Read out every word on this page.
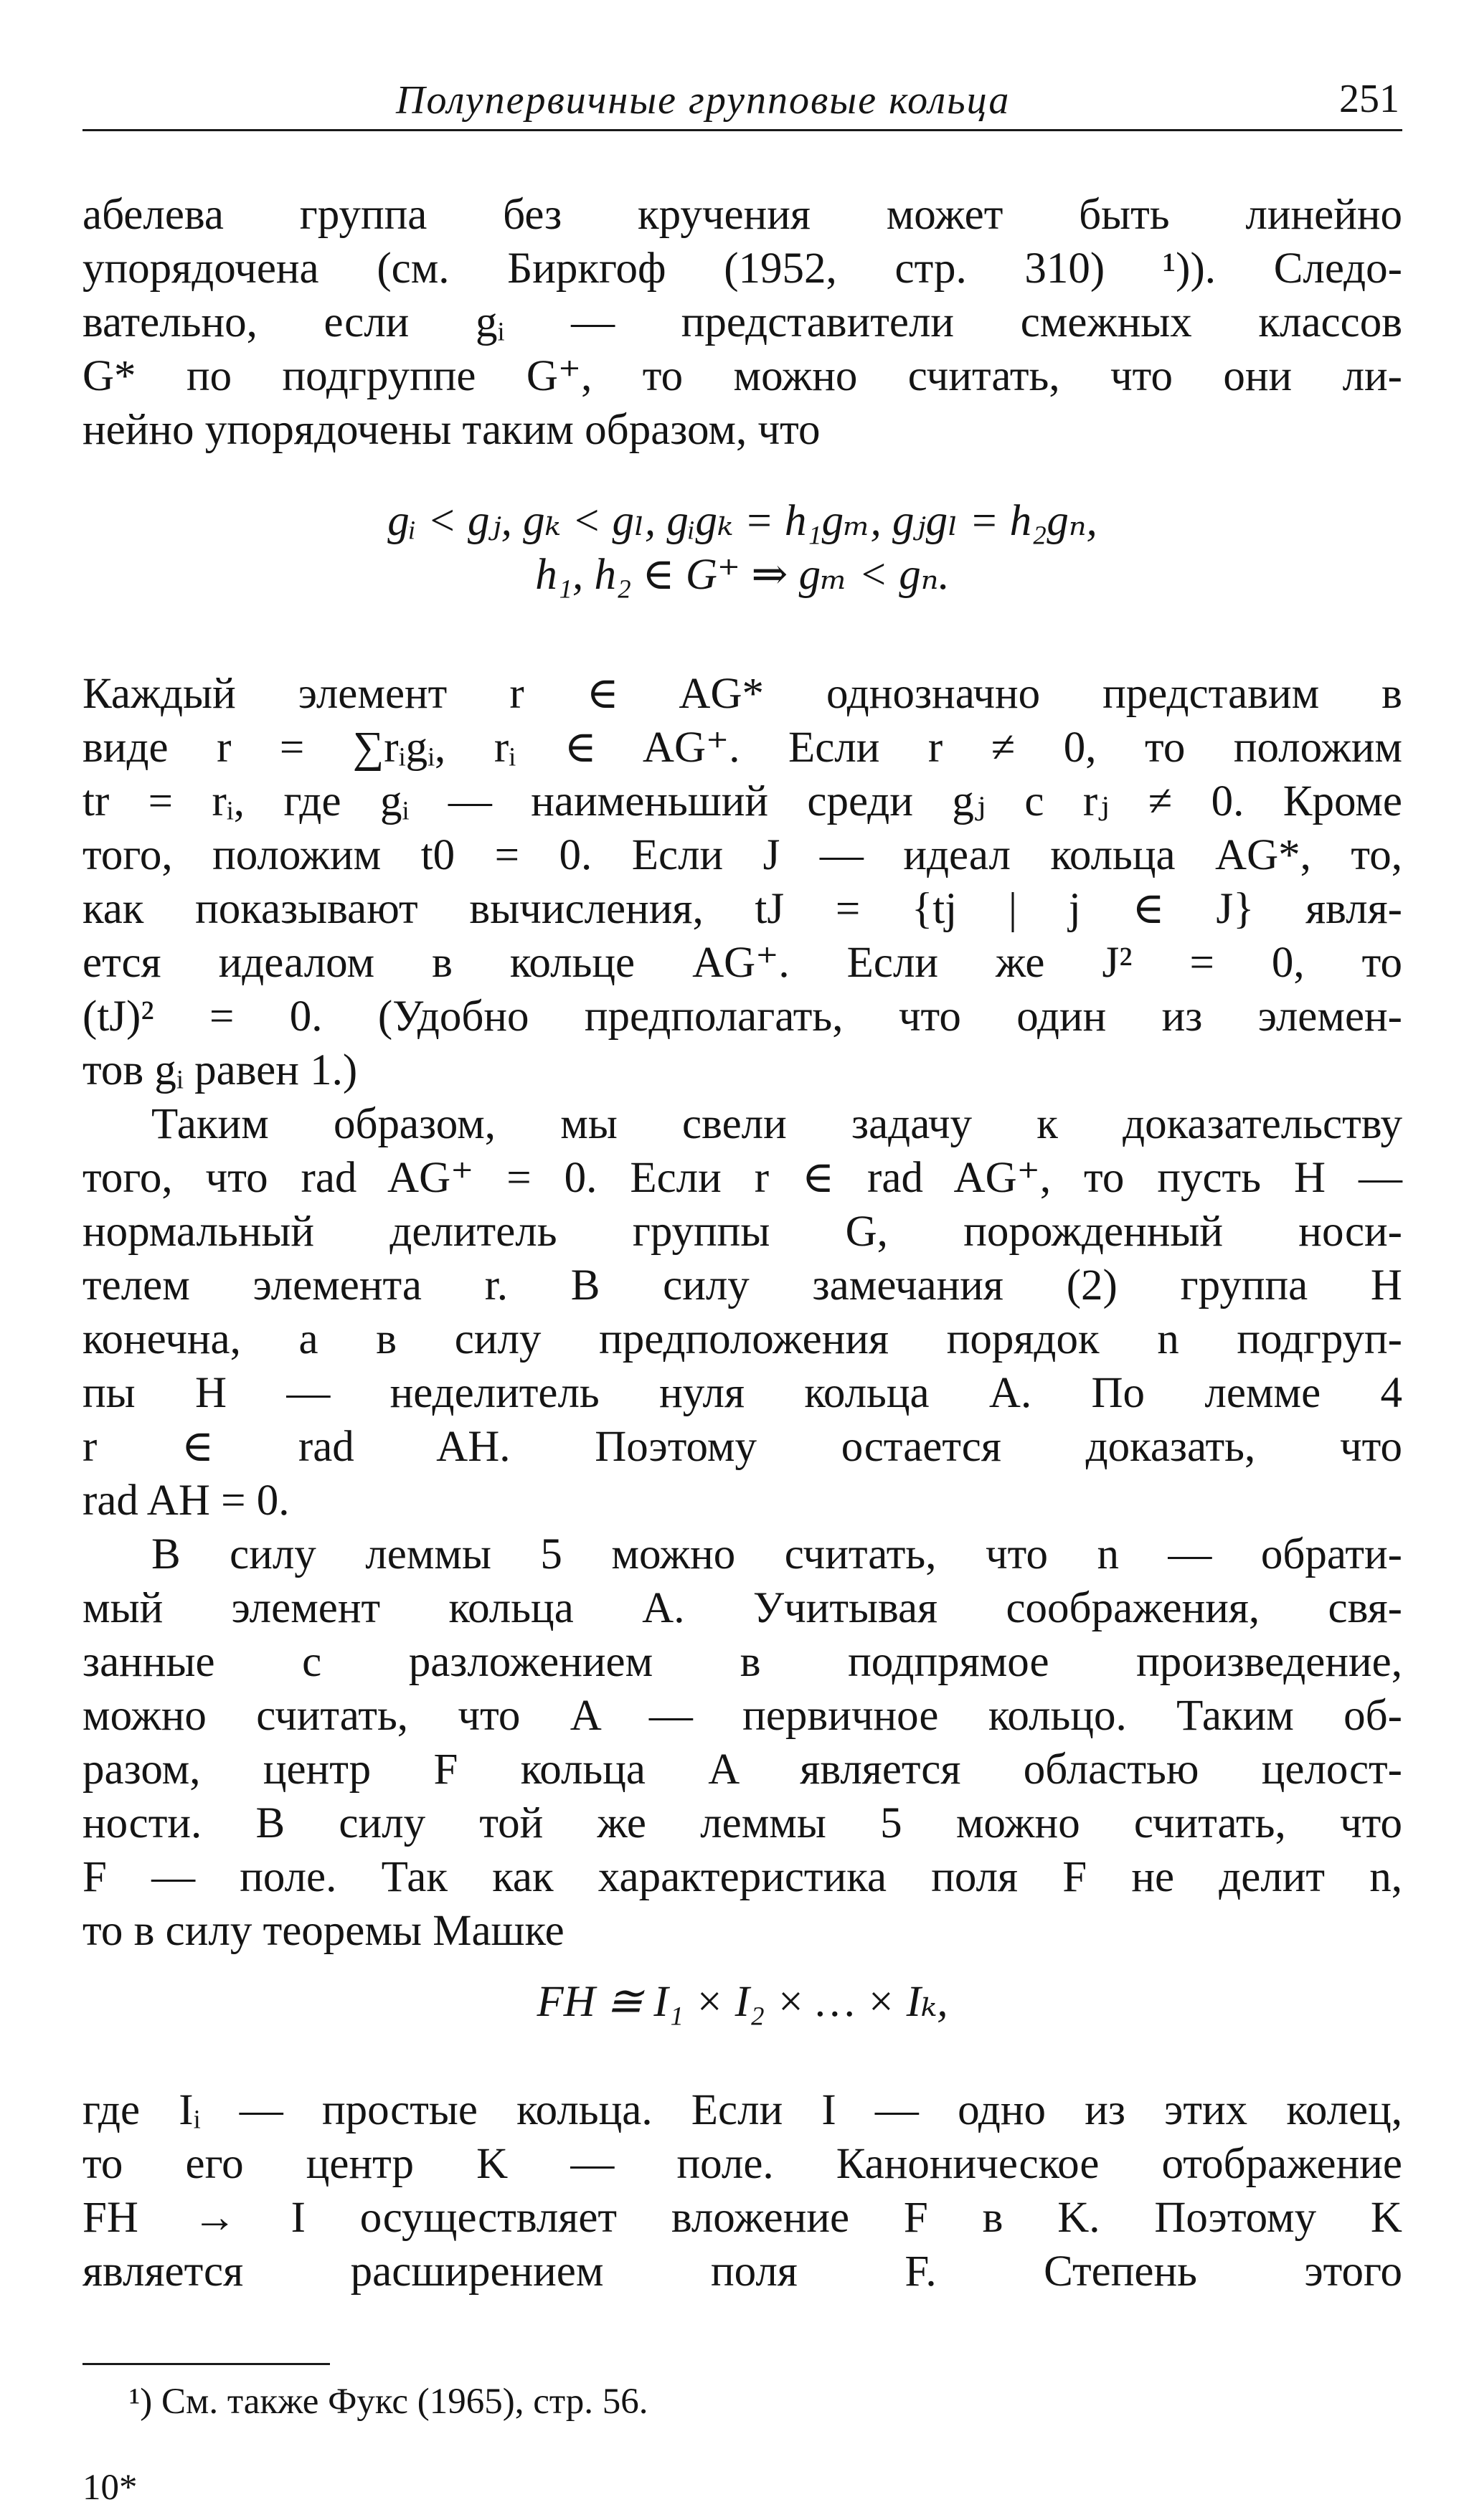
Полупервичные групповые кольца	251
абелева группа без кручения может быть линейно
упорядочена (см. Биркгоф (1952, стр. 310) ¹)). Следо-
вательно, если gᵢ — представители смежных классов
G* по подгруппе G⁺, то можно считать, что они ли-
нейно упорядочены таким образом, что
gᵢ < gⱼ, gₖ < gₗ, gᵢgₖ = h₁gₘ, gⱼgₗ = h₂gₙ,
h₁, h₂ ∈ G⁺ ⇒ gₘ < gₙ.
Каждый элемент r ∈ AG* однозначно представим в
виде r = ∑rᵢgᵢ, rᵢ ∈ AG⁺. Если r ≠ 0, то положим
tr = rᵢ, где gᵢ — наименьший среди gⱼ с rⱼ ≠ 0. Кроме
того, положим t0 = 0. Если J — идеал кольца AG*, то,
как показывают вычисления, tJ = {tj | j ∈ J} явля-
ется идеалом в кольце AG⁺. Если же J² = 0, то
(tJ)² = 0. (Удобно предполагать, что один из элемен-
тов gᵢ равен 1.)
Таким образом, мы свели задачу к доказательству
того, что rad AG⁺ = 0. Если r ∈ rad AG⁺, то пусть H —
нормальный делитель группы G, порожденный носи-
телем элемента r. В силу замечания (2) группа H
конечна, а в силу предположения порядок n подгруп-
пы H — неделитель нуля кольца A. По лемме 4
r ∈ rad AH. Поэтому остается доказать, что
rad AH = 0.
В силу леммы 5 можно считать, что n — обрати-
мый элемент кольца A. Учитывая соображения, свя-
занные с разложением в подпрямое произведение,
можно считать, что A — первичное кольцо. Таким об-
разом, центр F кольца A является областью целост-
ности. В силу той же леммы 5 можно считать, что
F — поле. Так как характеристика поля F не делит n,
то в силу теоремы Машке
FH ≅ I₁ × I₂ × … × Iₖ,
где Iᵢ — простые кольца. Если I — одно из этих колец,
то его центр K — поле. Каноническое отображение
FH → I осуществляет вложение F в K. Поэтому K
является расширением поля F. Степень этого
¹) См. также Фукс (1965), стр. 56.
10*
